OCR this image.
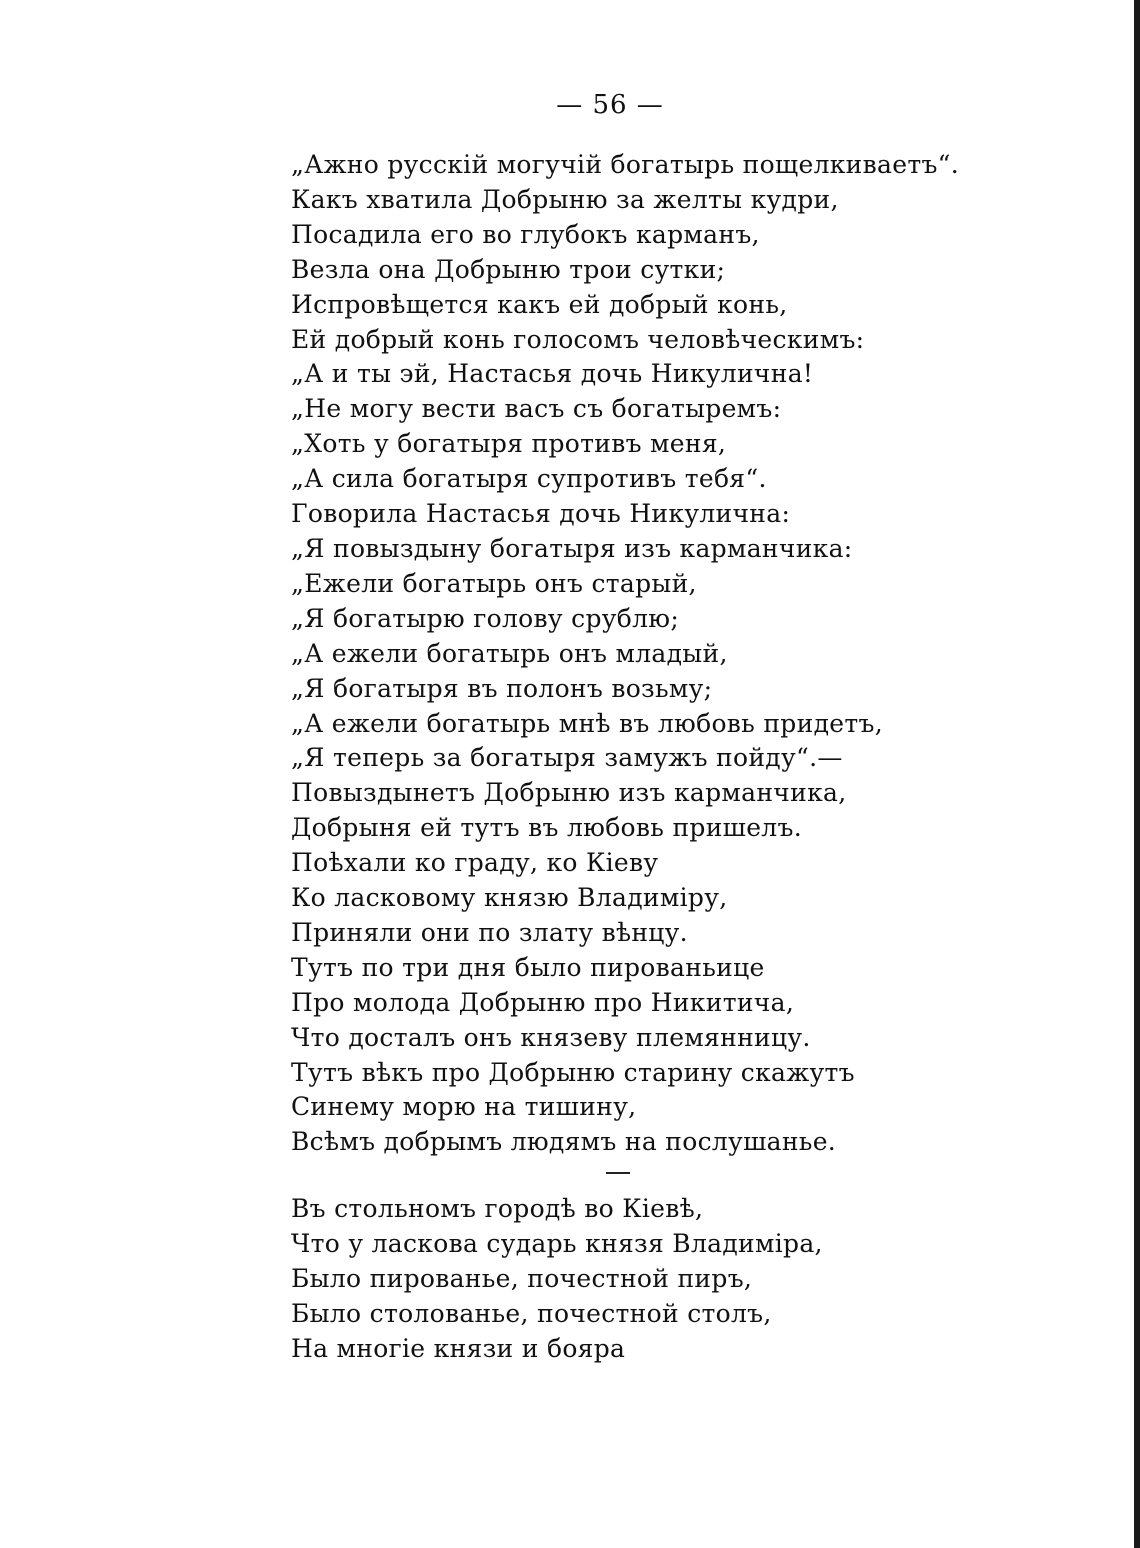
— 56 —
„Ажно русскій могучій богатырь пощелкиваетъ“.
Какъ хватила Добрыню за желты кудри,
Посадила его во глубокъ карманъ,
Везла она Добрыню трои сутки;
Испровѣщется какъ ей добрый конь,
Ей добрый конь голосомъ человѣческимъ:
„А и ты эй, Настасья дочь Никулична!
„Не могу вести васъ съ богатыремъ:
„Хоть у богатыря противъ меня,
„А сила богатыря супротивъ тебя“.
Говорила Настасья дочь Никулична:
„Я повыздыну богатыря изъ карманчика:
„Ежели богатырь онъ старый,
„Я богатырю голову срублю;
„А ежели богатырь онъ младый,
„Я богатыря въ полонъ возьму;
„А ежели богатырь мнѣ въ любовь придетъ,
„Я теперь за богатыря замужъ пойду“.—
Повыздынетъ Добрыню изъ карманчика,
Добрыня ей тутъ въ любовь пришелъ.
Поѣхали ко граду, ко Кіеву
Ко ласковому князю Владиміру,
Приняли они по злату вѣнцу.
Тутъ по три дня было пированьице
Про молода Добрыню про Никитича,
Что досталъ онъ князеву племянницу.
Тутъ вѣкъ про Добрыню старину скажутъ
Синему морю на тишину,
Всѣмъ добрымъ людямъ на послушанье.
Въ стольномъ городѣ во Кіевѣ,
Что у ласкова сударь князя Владиміра,
Было пированье, почестной пиръ,
Было столованье, почестной столъ,
На многіе князи и бояра
